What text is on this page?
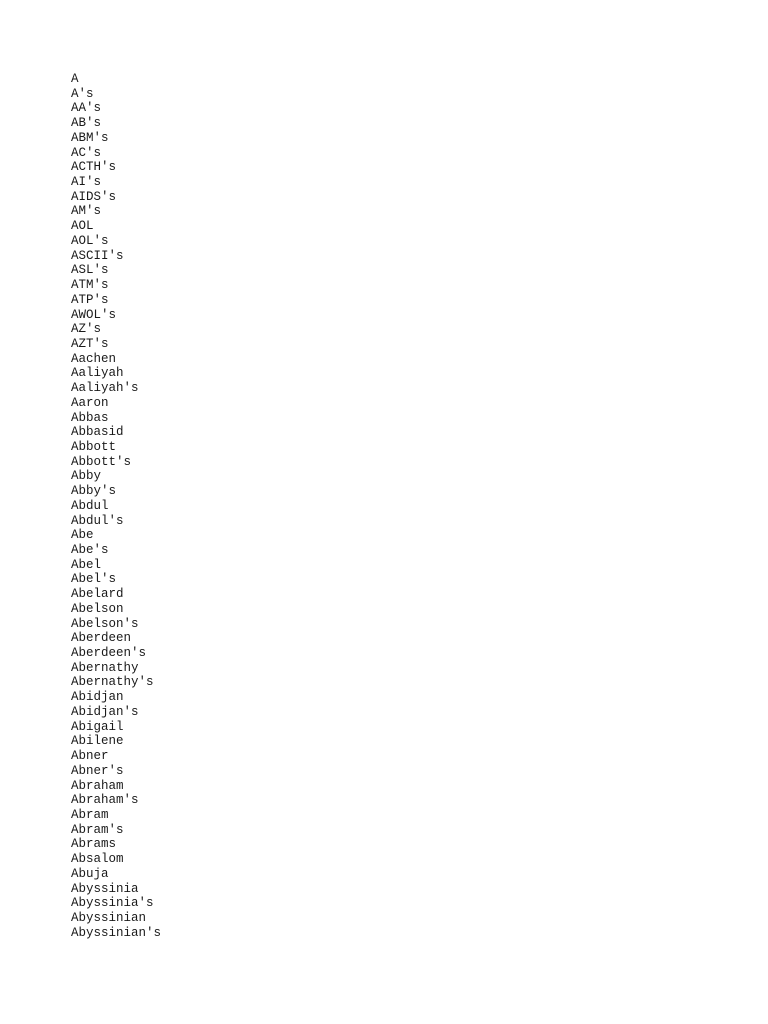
A
A's
AA's
AB's
ABM's
AC's
ACTH's
AI's
AIDS's
AM's
AOL
AOL's
ASCII's
ASL's
ATM's
ATP's
AWOL's
AZ's
AZT's
Aachen
Aaliyah
Aaliyah's
Aaron
Abbas
Abbasid
Abbott
Abbott's
Abby
Abby's
Abdul
Abdul's
Abe
Abe's
Abel
Abel's
Abelard
Abelson
Abelson's
Aberdeen
Aberdeen's
Abernathy
Abernathy's
Abidjan
Abidjan's
Abigail
Abilene
Abner
Abner's
Abraham
Abraham's
Abram
Abram's
Abrams
Absalom
Abuja
Abyssinia
Abyssinia's
Abyssinian
Abyssinian's
